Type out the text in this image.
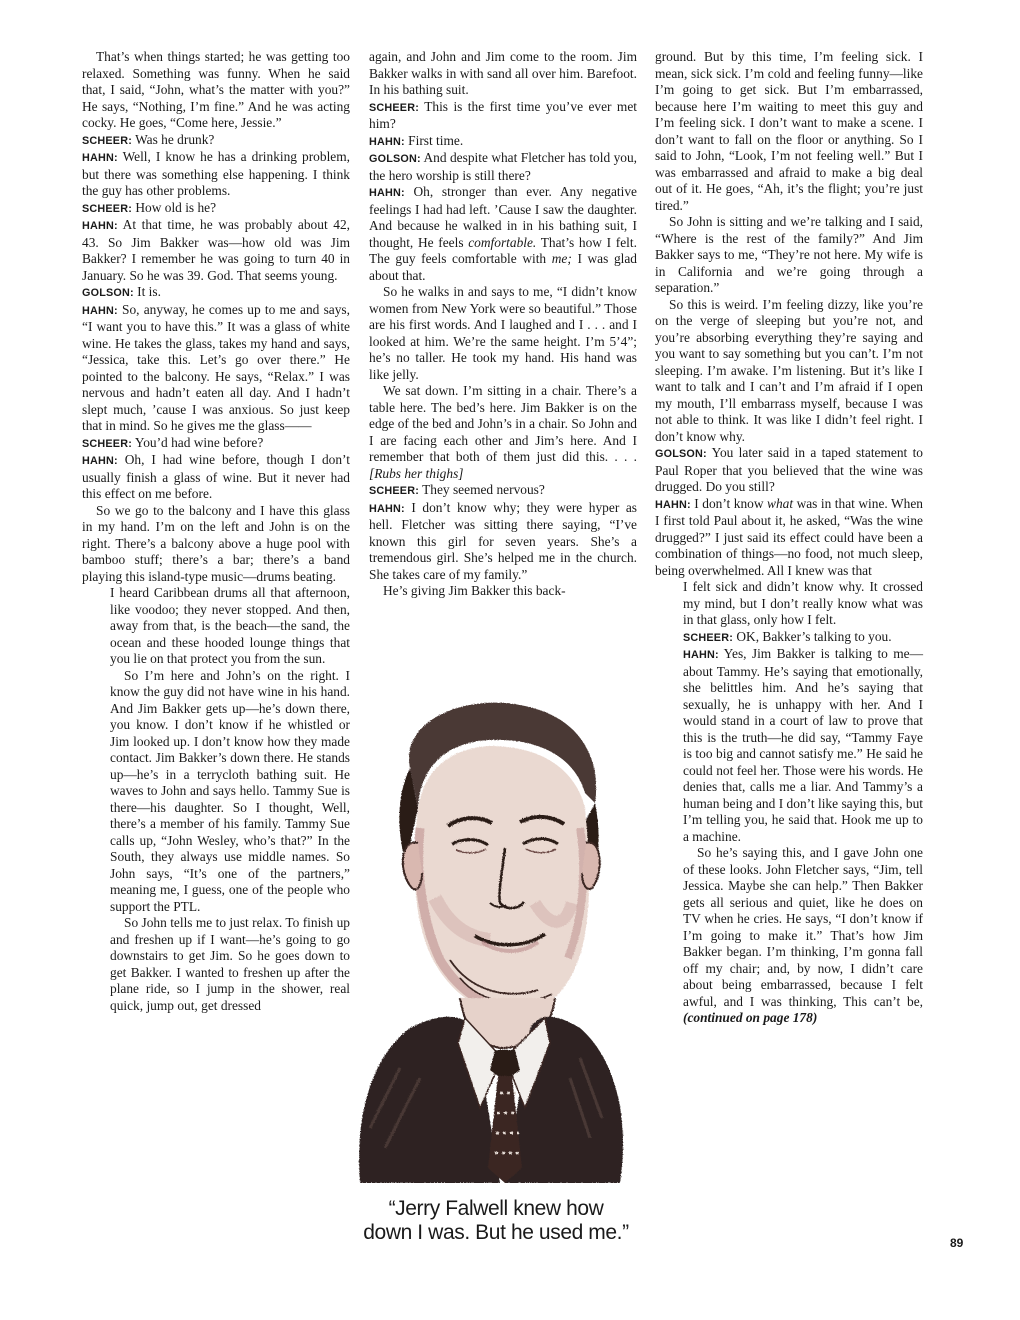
That’s when things started; he was getting too relaxed. Something was funny. When he said that, I said, “John, what’s the matter with you?” He says, “Nothing, I’m fine.” And he was acting cocky. He goes, “Come here, Jessie.”

SCHEER: Was he drunk?

HAHN: Well, I know he has a drinking problem, but there was something else happening. I think the guy has other problems.

SCHEER: How old is he?

HAHN: At that time, he was probably about 42, 43. So Jim Bakker was—how old was Jim Bakker? I remember he was going to turn 40 in January. So he was 39. God. That seems young.

GOLSON: It is.

HAHN: So, anyway, he comes up to me and says, “I want you to have this.” It was a glass of white wine. He takes the glass, takes my hand and says, “Jessica, take this. Let’s go over there.” He pointed to the balcony. He says, “Relax.” I was nervous and hadn’t eaten all day. And I hadn’t slept much, ’cause I was anxious. So just keep that in mind. So he gives me the glass——

SCHEER: You’d had wine before?

HAHN: Oh, I had wine before, though I don’t usually finish a glass of wine. But it never had this effect on me before.

So we go to the balcony and I have this glass in my hand. I’m on the left and John is on the right. There’s a balcony above a huge pool with bamboo stuff; there’s a bar; there’s a band playing this island-type music—drums beating.

I heard Caribbean drums all that afternoon, like voodoo; they never stopped. And then, away from that, is the beach—the sand, the ocean and these hooded lounge things that you lie on that protect you from the sun.

So I’m here and John’s on the right. I know the guy did not have wine in his hand. And Jim Bakker gets up—he’s down there, you know. I don’t know if he whistled or Jim looked up. I don’t know how they made contact. Jim Bakker’s down there. He stands up—he’s in a terrycloth bathing suit. He waves to John and says hello. Tammy Sue is there—his daughter. So I thought, Well, there’s a member of his family. Tammy Sue calls up, “John Wesley, who’s that?” In the South, they always use middle names. So John says, “It’s one of the partners,” meaning me, I guess, one of the people who support the PTL.

So John tells me to just relax. To finish up and freshen up if I want—he’s going to go downstairs to get Jim. So he goes down to get Bakker. I wanted to freshen up after the plane ride, so I jump in the shower, real quick, jump out, get dressed

again, and John and Jim come to the room. Jim Bakker walks in with sand all over him. Barefoot. In his bathing suit.

SCHEER: This is the first time you’ve ever met him?

HAHN: First time.

GOLSON: And despite what Fletcher has told you, the hero worship is still there?

HAHN: Oh, stronger than ever. Any negative feelings I had had left. ’Cause I saw the daughter. And because he walked in in his bathing suit, I thought, He feels comfortable. That’s how I felt. The guy feels comfortable with me; I was glad about that.

So he walks in and says to me, “I didn’t know women from New York were so beautiful.” Those are his first words. And I laughed and I . . . and I looked at him. We’re the same height. I’m 5’4”; he’s no taller. He took my hand. His hand was like jelly.

We sat down. I’m sitting in a chair. There’s a table here. The bed’s here. Jim Bakker is on the edge of the bed and John’s in a chair. So John and I are facing each other and Jim’s here. And I remember that both of them just did this. . . . [Rubs her thighs]

SCHEER: They seemed nervous?

HAHN: I don’t know why; they were hyper as hell. Fletcher was sitting there saying, “I’ve known this girl for seven years. She’s a tremendous girl. She’s helped me in the church. She takes care of my family.”

He’s giving Jim Bakker this back-

ground. But by this time, I’m feeling sick. I mean, sick sick. I’m cold and feeling funny—like I’m going to get sick. But I’m embarrassed, because here I’m waiting to meet this guy and I’m feeling sick. I don’t want to make a scene. I don’t want to fall on the floor or anything. So I said to John, “Look, I’m not feeling well.” But I was embarrassed and afraid to make a big deal out of it. He goes, “Ah, it’s the flight; you’re just tired.”

So John is sitting and we’re talking and I said, “Where is the rest of the family?” And Jim Bakker says to me, “They’re not here. My wife is in California and we’re going through a separation.”

So this is weird. I’m feeling dizzy, like you’re on the verge of sleeping but you’re not, and you’re absorbing everything they’re saying and you want to say something but you can’t. I’m not sleeping. I’m awake. I’m listening. But it’s like I want to talk and I can’t and I’m afraid if I open my mouth, I’ll embarrass myself, because I was not able to think. It was like I didn’t feel right. I don’t know why.

GOLSON: You later said in a taped statement to Paul Roper that you believed that the wine was drugged. Do you still?

HAHN: I don’t know what was in that wine. When I first told Paul about it, he asked, “Was the wine drugged?” I just said its effect could have been a combination of things—no food, not much sleep, being overwhelmed. All I knew was that

I felt sick and didn’t know why. It crossed my mind, but I don’t really know what was in that glass, only how I felt.

SCHEER: OK, Bakker’s talking to you.

HAHN: Yes, Jim Bakker is talking to me—about Tammy. He’s saying that emotionally, she belittles him. And he’s saying that sexually, he is unhappy with her. And I would stand in a court of law to prove that this is the truth—he did say, “Tammy Faye is too big and cannot satisfy me.” He said he could not feel her. Those were his words. He denies that, calls me a liar. And Tammy’s a human being and I don’t like saying this, but I’m telling you, he said that. Hook me up to a machine.

So he’s saying this, and I gave John one of these looks. John Fletcher says, “Jim, tell Jessica. Maybe she can help.” Then Bakker gets all serious and quiet, like he does on TV when he cries. He says, “I don’t know if I’m going to make it.” That’s how Jim Bakker began. I’m thinking, I’m gonna fall off my chair; and, by now, I didn’t care about being embarrassed, because I felt awful, and I was thinking, This can’t be, (continued on page 178)

“Jerry Falwell knew how
down I was. But he used me.”	89
